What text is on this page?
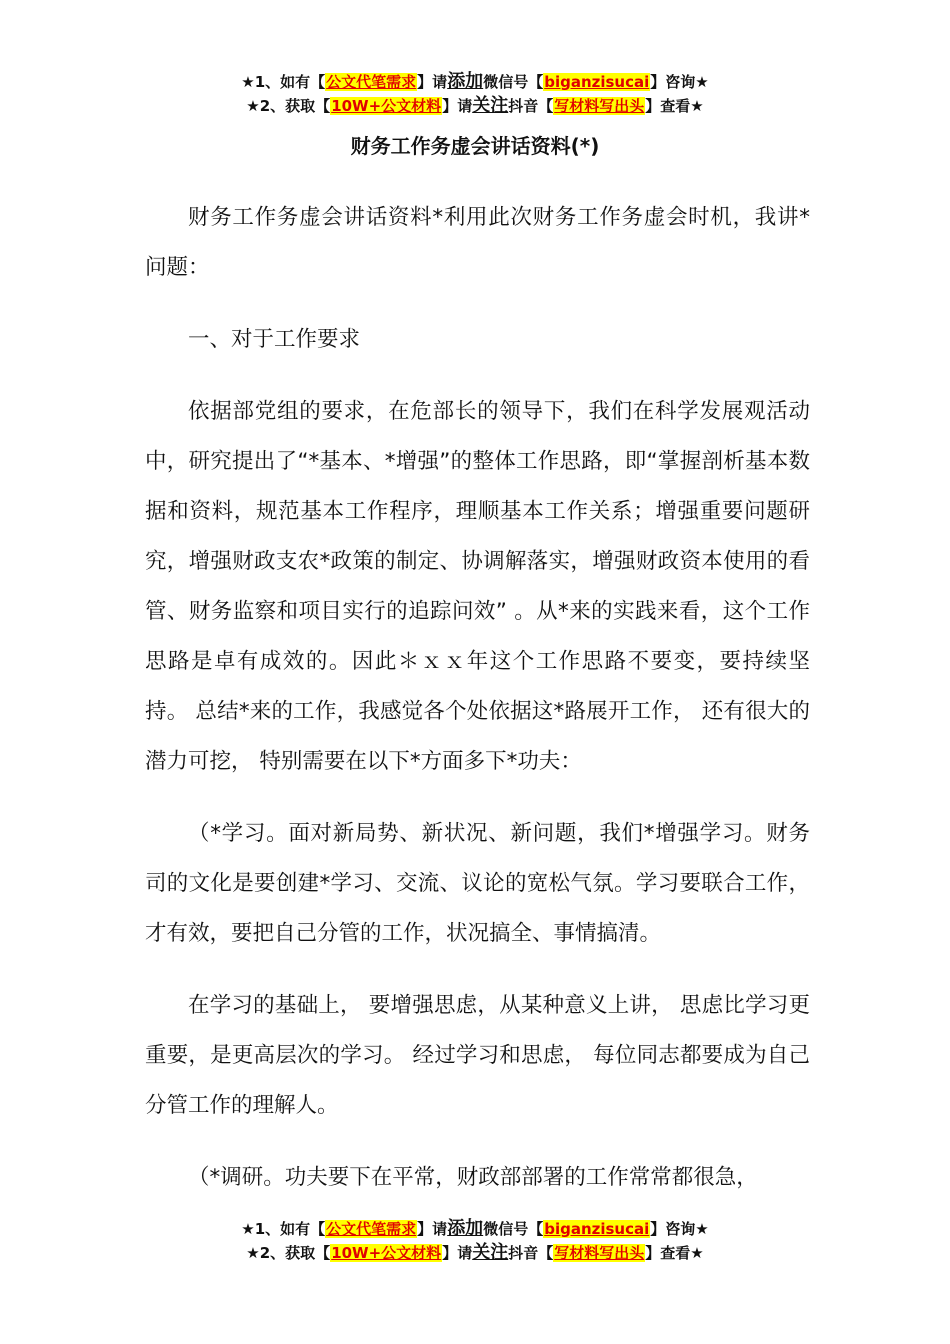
★1、如有【公文代笔需求】请添加微信号【biganzisucai】咨询★
★2、获取【10W+公文材料】请关注抖音【写材料写出头】查看★
财务工作务虚会讲话资料(*)

财务工作务虚会讲话资料*利用此次财务工作务虚会时机，我讲*问题：

一、对于工作要求

依据部党组的要求，在危部长的领导下，我们在科学发展观活动中，研究提出了“*基本、*增强”的整体工作思路，即“掌握剖析基本数据和资料，规范基本工作程序，理顺基本工作关系；增强重要问题研究，增强财政支农*政策的制定、协调解落实，增强财政资本使用的看管、财务监察和项目实行的追踪问效” 。从*来的实践来看，这个工作思路是卓有成效的。因此＊ｘｘ年这个工作思路不要变，要持续坚持。 总结*来的工作，我感觉各个处依据这*路展开工作， 还有很大的潜力可挖， 特别需要在以下*方面多下*功夫：

（*学习。面对新局势、新状况、新问题，我们*增强学习。财务司的文化是要创建*学习、交流、议论的宽松气氛。学习要联合工作，才有效，要把自己分管的工作，状况搞全、事情搞清。

在学习的基础上， 要增强思虑，从某种意义上讲， 思虑比学习更重要，是更高层次的学习。 经过学习和思虑， 每位同志都要成为自己分管工作的理解人。

（*调研。功夫要下在平常，财政部部署的工作常常都很急，

★1、如有【公文代笔需求】请添加微信号【biganzisucai】咨询★
★2、获取【10W+公文材料】请关注抖音【写材料写出头】查看★
